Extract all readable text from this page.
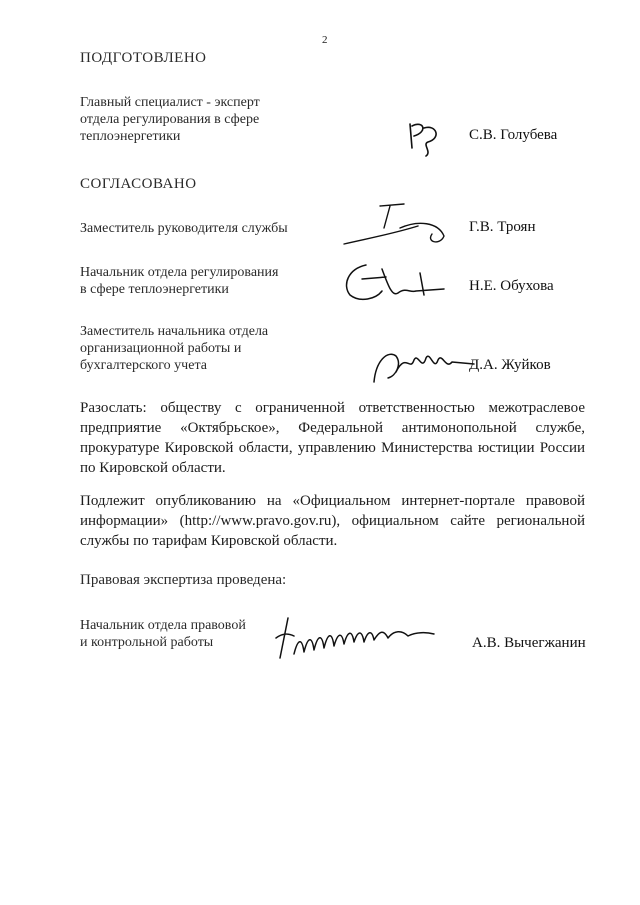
2
ПОДГОТОВЛЕНО
Главный специалист - эксперт
отдела регулирования в сфере
теплоэнергетики	С.В. Голубева
СОГЛАСОВАНО
Заместитель руководителя службы	Г.В. Троян
Начальник отдела регулирования
в сфере теплоэнергетики	Н.Е. Обухова
Заместитель начальника отдела
организационной работы и
бухгалтерского учета	Д.А. Жуйков
Разослать: обществу с ограниченной ответственностью межотраслевое предприятие «Октябрьское», Федеральной антимонопольной службе, прокуратуре Кировской области, управлению Министерства юстиции России по Кировской области.
Подлежит опубликованию на «Официальном интернет-портале правовой информации» (http://www.pravo.gov.ru), официальном сайте региональной службы по тарифам Кировской области.
Правовая экспертиза проведена:
Начальник отдела правовой
и контрольной работы	А.В. Вычегжанин
